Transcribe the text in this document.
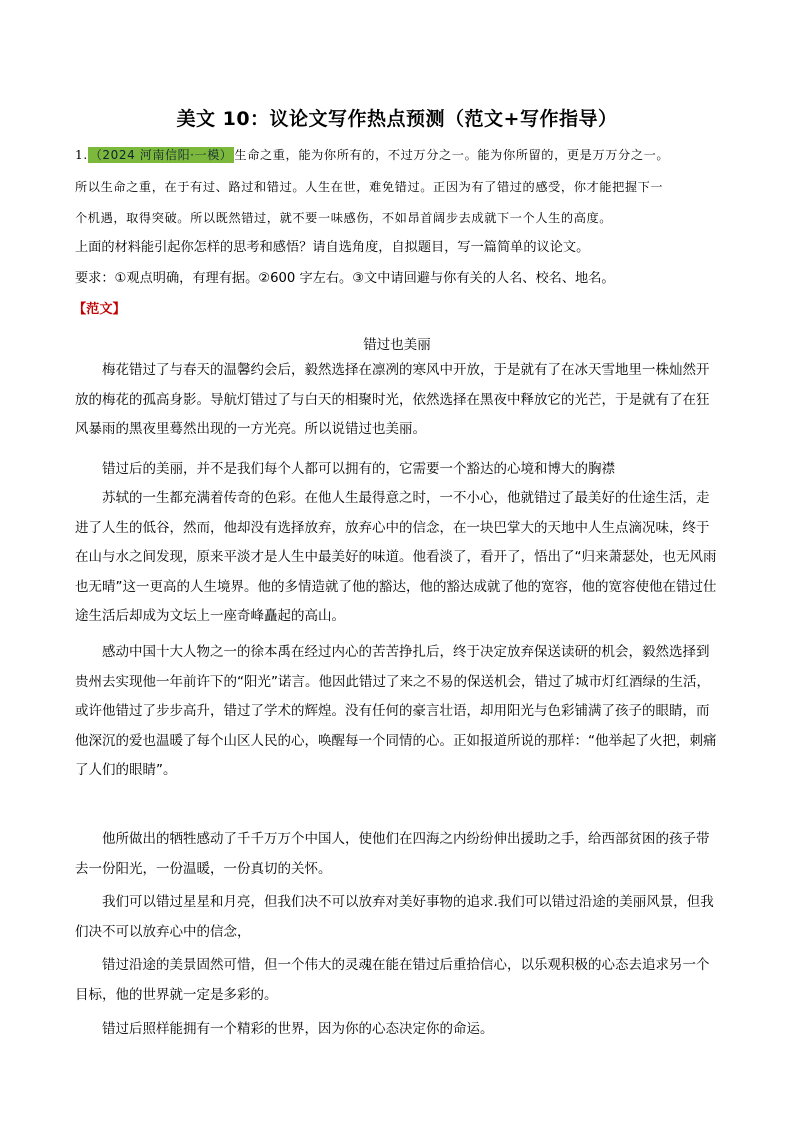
美文 10：议论文写作热点预测（范文+写作指导）
1. （2024 河南信阳·一模） 生命之重，能为你所有的，不过万分之一。能为你所留的，更是万万分之一。
所以生命之重，在于有过、路过和错过。人生在世，难免错过。正因为有了错过的感受，你才能把握下一
个机遇，取得突破。所以既然错过，就不要一味感伤，不如昂首阔步去成就下一个人生的高度。
上面的材料能引起你怎样的思考和感悟？请自选角度，自拟题目，写一篇简单的议论文。
要求：①观点明确，有理有据。②600 字左右。③文中请回避与你有关的人名、校名、地名。
【范文】
错过也美丽
梅花错过了与春天的温馨约会后，毅然选择在凛冽的寒风中开放，于是就有了在冰天雪地里一株灿然开放的梅花的孤高身影。导航灯错过了与白天的相聚时光，依然选择在黑夜中释放它的光芒，于是就有了在狂风暴雨的黑夜里蓦然出现的一方光亮。所以说错过也美丽。
错过后的美丽，并不是我们每个人都可以拥有的，它需要一个豁达的心境和博大的胸襟
苏轼的一生都充满着传奇的色彩。在他人生最得意之时，一不小心，他就错过了最美好的仕途生活，走进了人生的低谷，然而，他却没有选择放弃，放弃心中的信念，在一块巴掌大的天地中人生点滴况味，终于在山与水之间发现，原来平淡才是人生中最美好的味道。他看淡了，看开了，悟出了“归来萧瑟处，也无风雨也无晴”这一更高的人生境界。他的多情造就了他的豁达，他的豁达成就了他的宽容，他的宽容使他在错过仕途生活后却成为文坛上一座奇峰矗起的高山。
感动中国十大人物之一的徐本禹在经过内心的苦苦挣扎后，终于决定放弃保送读研的机会，毅然选择到贵州去实现他一年前许下的“阳光”诺言。他因此错过了来之不易的保送机会，错过了城市灯红酒绿的生活，或许他错过了步步高升，错过了学术的辉煌。没有任何的豪言壮语，却用阳光与色彩铺满了孩子的眼睛，而他深沉的爱也温暖了每个山区人民的心，唤醒每一个同情的心。正如报道所说的那样：“他举起了火把，刺痛了人们的眼睛”。
他所做出的牺牲感动了千千万万个中国人，使他们在四海之内纷纷伸出援助之手，给西部贫困的孩子带去一份阳光，一份温暖，一份真切的关怀。
我们可以错过星星和月亮，但我们决不可以放弃对美好事物的追求.我们可以错过沿途的美丽风景，但我们决不可以放弃心中的信念，
错过沿途的美景固然可惜，但一个伟大的灵魂在能在错过后重拾信心，以乐观积极的心态去追求另一个目标，他的世界就一定是多彩的。
错过后照样能拥有一个精彩的世界，因为你的心态决定你的命运。
